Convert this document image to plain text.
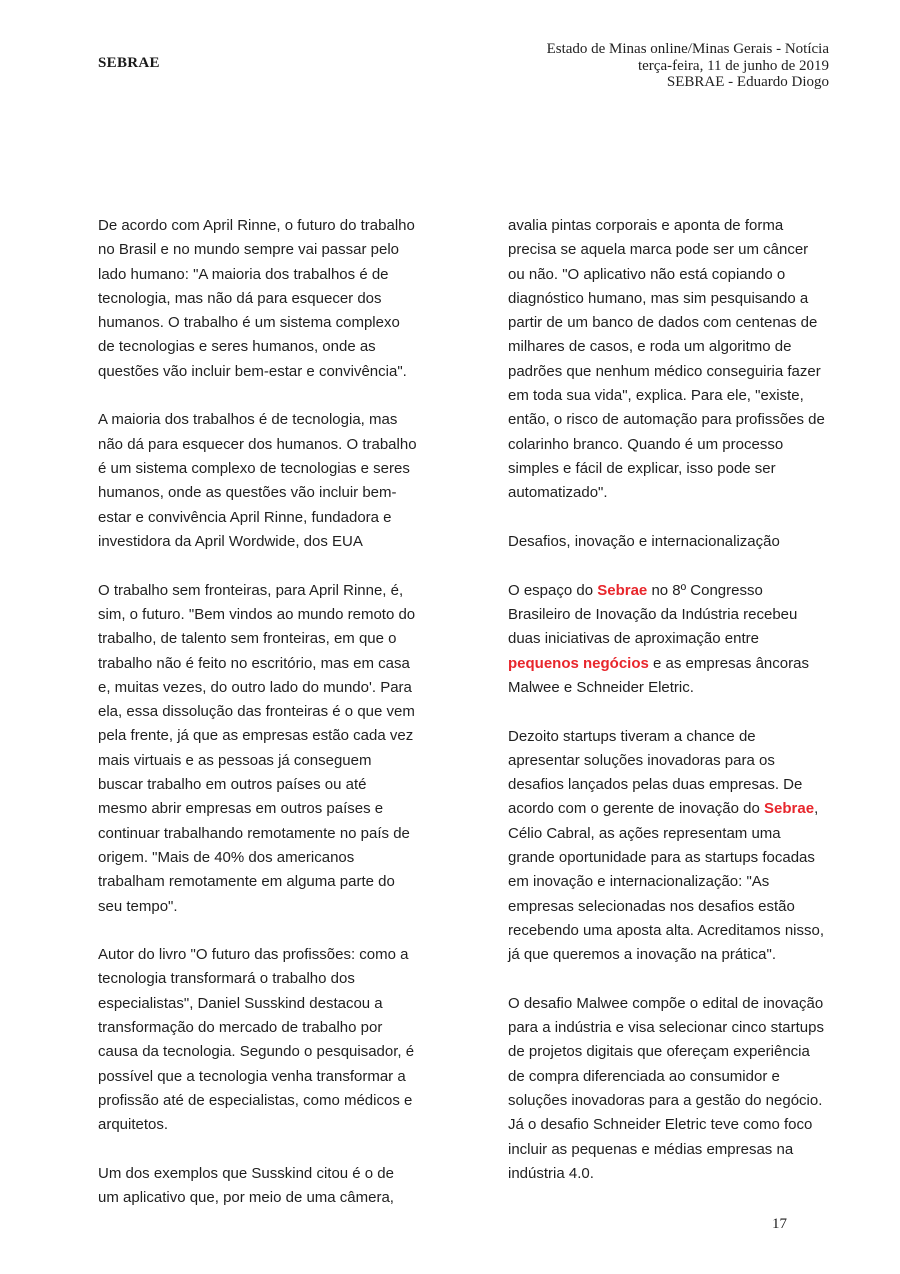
SEBRAE
Estado de Minas online/Minas Gerais - Notícia
terça-feira, 11 de junho de 2019
SEBRAE - Eduardo Diogo

De acordo com April Rinne, o futuro do trabalho
no Brasil e no mundo sempre vai passar pelo
lado humano: "A maioria dos trabalhos é de
tecnologia, mas não dá para esquecer dos
humanos. O trabalho é um sistema complexo
de tecnologias e seres humanos, onde as
questões vão incluir bem-estar e convivência".

A maioria dos trabalhos é de tecnologia, mas
não dá para esquecer dos humanos. O trabalho
é um sistema complexo de tecnologias e seres
humanos, onde as questões vão incluir bem-
estar e convivência April Rinne, fundadora e
investidora da April Wordwide, dos EUA

O trabalho sem fronteiras, para April Rinne, é,
sim, o futuro. "Bem vindos ao mundo remoto do
trabalho, de talento sem fronteiras, em que o
trabalho não é feito no escritório, mas em casa
e, muitas vezes, do outro lado do mundo'. Para
ela, essa dissolução das fronteiras é o que vem
pela frente, já que as empresas estão cada vez
mais virtuais e as pessoas já conseguem
buscar trabalho em outros países ou até
mesmo abrir empresas em outros países e
continuar trabalhando remotamente no país de
origem. "Mais de 40% dos americanos
trabalham remotamente em alguma parte do
seu tempo".

Autor do livro "O futuro das profissões: como a
tecnologia transformará o trabalho dos
especialistas", Daniel Susskind destacou a
transformação do mercado de trabalho por
causa da tecnologia. Segundo o pesquisador, é
possível que a tecnologia venha transformar a
profissão até de especialistas, como médicos e
arquitetos.

Um dos exemplos que Susskind citou é o de
um aplicativo que, por meio de uma câmera,

avalia pintas corporais e aponta de forma
precisa se aquela marca pode ser um câncer
ou não. "O aplicativo não está copiando o
diagnóstico humano, mas sim pesquisando a
partir de um banco de dados com centenas de
milhares de casos, e roda um algoritmo de
padrões que nenhum médico conseguiria fazer
em toda sua vida", explica. Para ele, "existe,
então, o risco de automação para profissões de
colarinho branco. Quando é um processo
simples e fácil de explicar, isso pode ser
automatizado".

Desafios, inovação e internacionalização

O espaço do Sebrae no 8º Congresso
Brasileiro de Inovação da Indústria recebeu
duas iniciativas de aproximação entre
pequenos negócios e as empresas âncoras
Malwee e Schneider Eletric.

Dezoito startups tiveram a chance de
apresentar soluções inovadoras para os
desafios lançados pelas duas empresas. De
acordo com o gerente de inovação do Sebrae,
Célio Cabral, as ações representam uma
grande oportunidade para as startups focadas
em inovação e internacionalização: "As
empresas selecionadas nos desafios estão
recebendo uma aposta alta. Acreditamos nisso,
já que queremos a inovação na prática".

O desafio Malwee compõe o edital de inovação
para a indústria e visa selecionar cinco startups
de projetos digitais que ofereçam experiência
de compra diferenciada ao consumidor e
soluções inovadoras para a gestão do negócio.
Já o desafio Schneider Eletric teve como foco
incluir as pequenas e médias empresas na
indústria 4.0.

17
